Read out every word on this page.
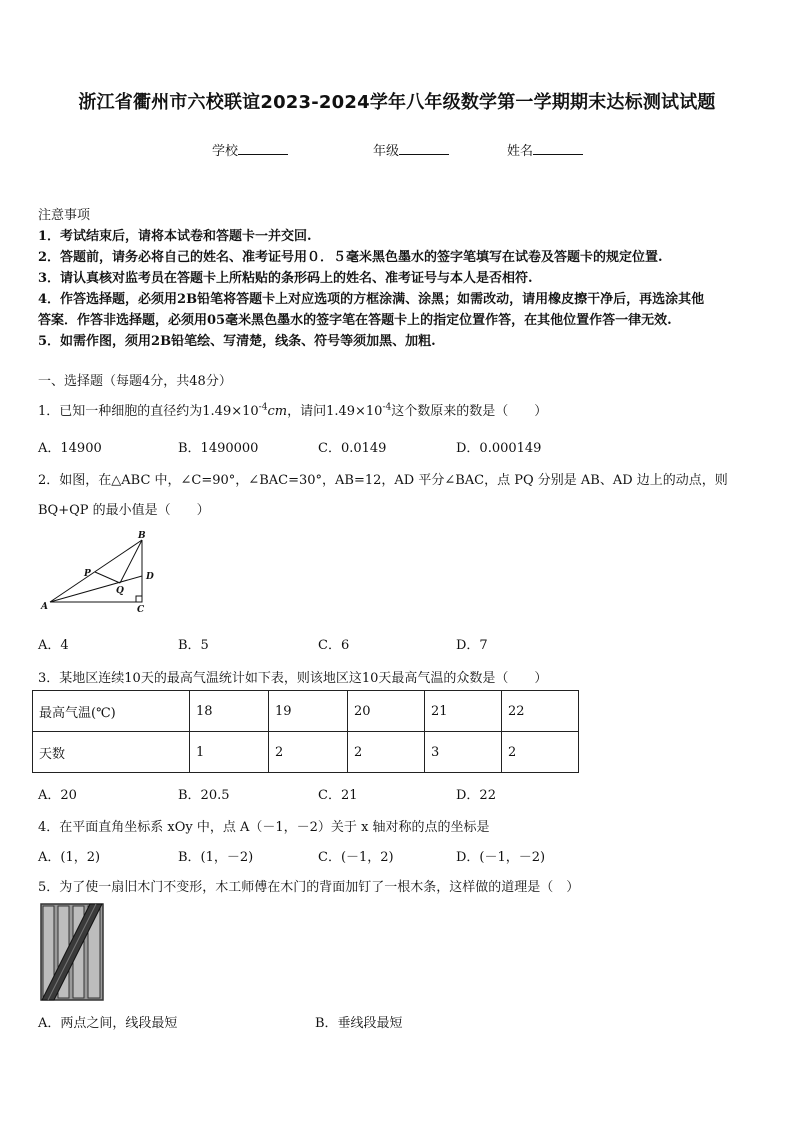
浙江省衢州市六校联谊2023-2024学年八年级数学第一学期期末达标测试试题
学校	年级	姓名
注意事项
1．考试结束后，请将本试卷和答题卡一并交回.
2．答题前，请务必将自己的姓名、准考证号用０．５毫米黑色墨水的签字笔填写在试卷及答题卡的规定位置.
3．请认真核对监考员在答题卡上所粘贴的条形码上的姓名、准考证号与本人是否相符.
4．作答选择题，必须用2B铅笔将答题卡上对应选项的方框涂满、涂黑；如需改动，请用橡皮擦干净后，再选涂其他
答案．作答非选择题，必须用05毫米黑色墨水的签字笔在答题卡上的指定位置作答，在其他位置作答一律无效.
5．如需作图，须用2B铅笔绘、写清楚，线条、符号等须加黑、加粗.
一、选择题（每题4分，共48分）
1．已知一种细胞的直径约为$1.49\times 10^{-4}cm$，请问$1.49\times 10^{-4}$这个数原来的数是（　　）
A．14900	B．1490000	C．0.0149	D．0.000149
2．如图，在△ABC 中，∠C=90°，∠BAC=30°，AB=12，AD 平分∠BAC，点 PQ 分别是 AB、AD 边上的动点，则
BQ+QP 的最小值是（　　）
B
A	C
D
P
Q
A．4	B．5	C．6	D．7
3．某地区连续10天的最高气温统计如下表，则该地区这10天最高气温的众数是（　　）
最高气温(℃)	18	19	20	21	22
天数	1	2	2	3	2
A．20	B．20.5	C．21	D．22
4．在平面直角坐标系 xOy 中，点 A（－1，－2）关于 x 轴对称的点的坐标是
A．(1，2)	B．(1，－2)	C．(－1，2)	D．(－1，－2)
5．为了使一扇旧木门不变形，木工师傅在木门的背面加钉了一根木条，这样做的道理是（　）
A．两点之间，线段最短	B．垂线段最短
